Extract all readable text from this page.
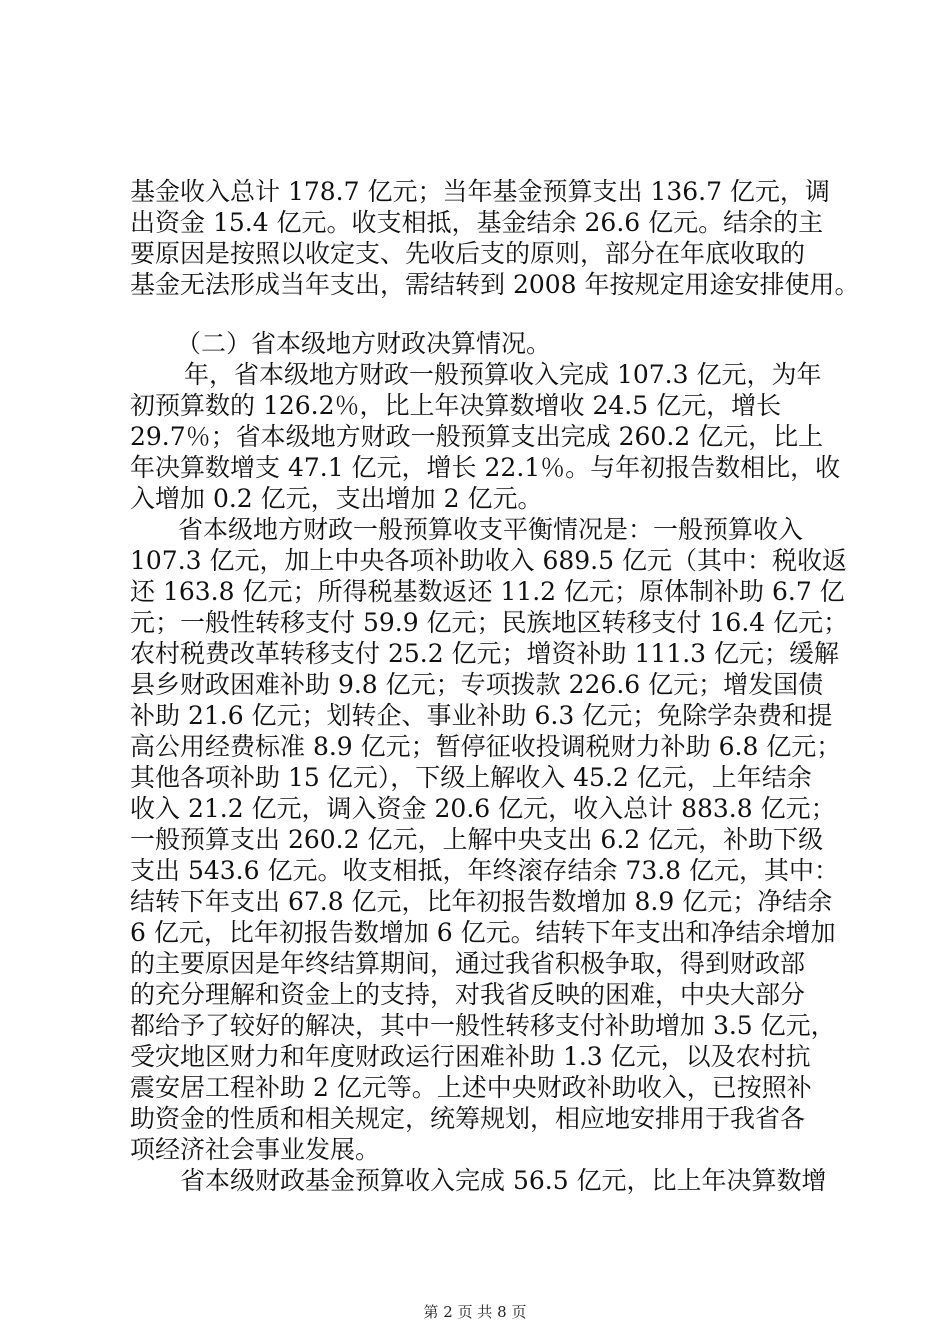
基金收入总计 178.7 亿元；当年基金预算支出 136.7 亿元，调
出资金 15.4 亿元。收支相抵，基金结余 26.6 亿元。结余的主
要原因是按照以收定支、先收后支的原则，部分在年底收取的
基金无法形成当年支出，需结转到 2008 年按规定用途安排使用。
（二）省本级地方财政决算情况。
年，省本级地方财政一般预算收入完成 107.3 亿元，为年
初预算数的 126.2％，比上年决算数增收 24.5 亿元，增长
29.7％；省本级地方财政一般预算支出完成 260.2 亿元，比上
年决算数增支 47.1 亿元，增长 22.1％。与年初报告数相比，收
入增加 0.2 亿元，支出增加 2 亿元。
省本级地方财政一般预算收支平衡情况是：一般预算收入
107.3 亿元，加上中央各项补助收入 689.5 亿元（其中：税收返
还 163.8 亿元；所得税基数返还 11.2 亿元；原体制补助 6.7 亿
元；一般性转移支付 59.9 亿元；民族地区转移支付 16.4 亿元；
农村税费改革转移支付 25.2 亿元；增资补助 111.3 亿元；缓解
县乡财政困难补助 9.8 亿元；专项拨款 226.6 亿元；增发国债
补助 21.6 亿元；划转企、事业补助 6.3 亿元；免除学杂费和提
高公用经费标准 8.9 亿元；暂停征收投调税财力补助 6.8 亿元；
其他各项补助 15 亿元），下级上解收入 45.2 亿元，上年结余
收入 21.2 亿元，调入资金 20.6 亿元，收入总计 883.8 亿元；
一般预算支出 260.2 亿元，上解中央支出 6.2 亿元，补助下级
支出 543.6 亿元。收支相抵，年终滚存结余 73.8 亿元，其中：
结转下年支出 67.8 亿元，比年初报告数增加 8.9 亿元；净结余
6 亿元，比年初报告数增加 6 亿元。结转下年支出和净结余增加
的主要原因是年终结算期间，通过我省积极争取，得到财政部
的充分理解和资金上的支持，对我省反映的困难，中央大部分
都给予了较好的解决，其中一般性转移支付补助增加 3.5 亿元，
受灾地区财力和年度财政运行困难补助 1.3 亿元，以及农村抗
震安居工程补助 2 亿元等。上述中央财政补助收入，已按照补
助资金的性质和相关规定，统筹规划，相应地安排用于我省各
项经济社会事业发展。
省本级财政基金预算收入完成 56.5 亿元，比上年决算数增
第 2 页 共 8 页
